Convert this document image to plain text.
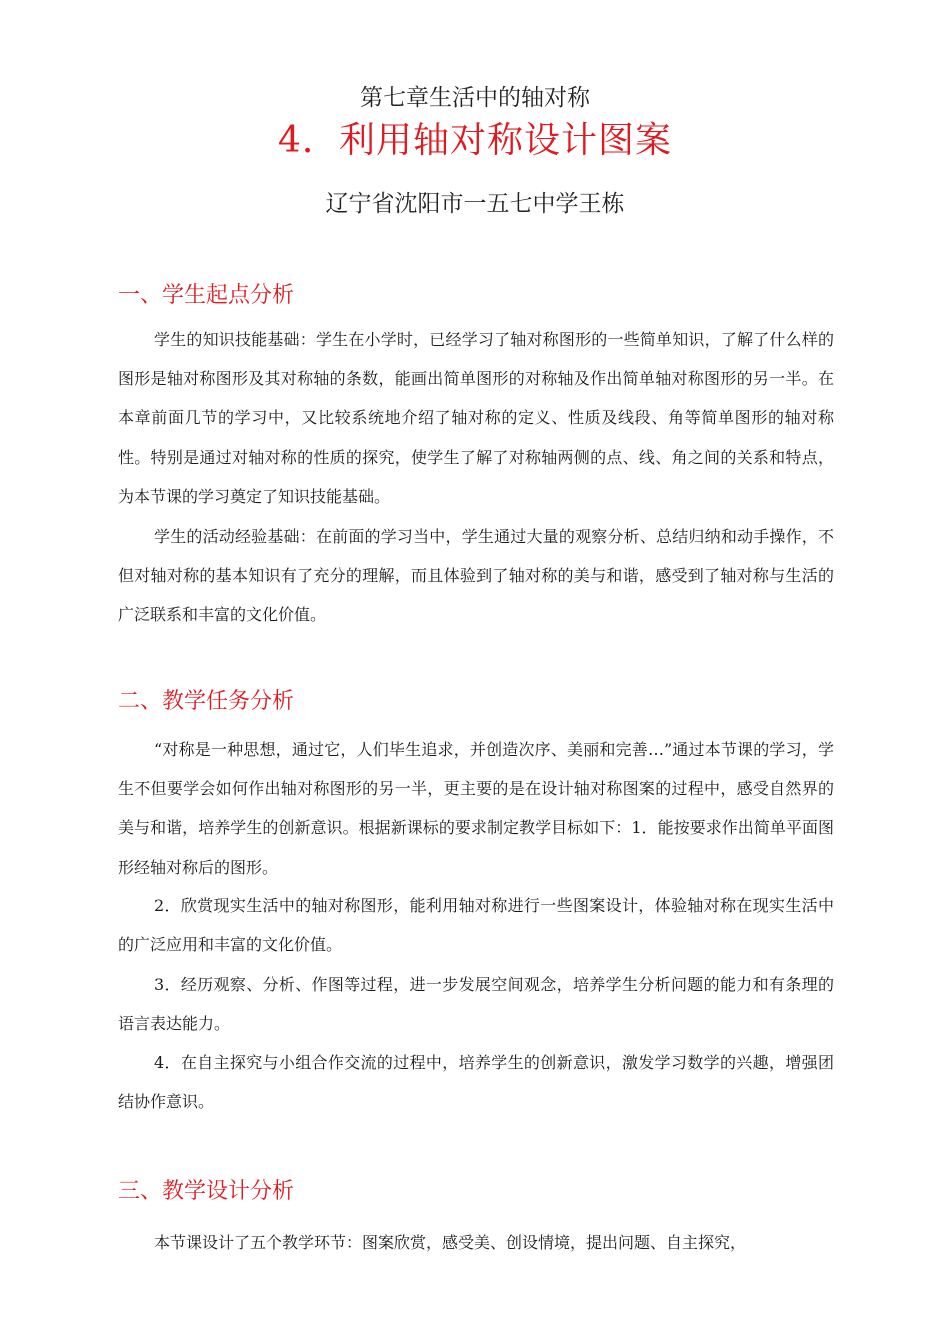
第七章生活中的轴对称
4．利用轴对称设计图案
辽宁省沈阳市一五七中学王栋
一、学生起点分析
学生的知识技能基础：学生在小学时，已经学习了轴对称图形的一些简单知识，了解了什么样的图形是轴对称图形及其对称轴的条数，能画出简单图形的对称轴及作出简单轴对称图形的另一半。在本章前面几节的学习中，又比较系统地介绍了轴对称的定义、性质及线段、角等简单图形的轴对称性。特别是通过对轴对称的性质的探究，使学生了解了对称轴两侧的点、线、角之间的关系和特点，为本节课的学习奠定了知识技能基础。
学生的活动经验基础：在前面的学习当中，学生通过大量的观察分析、总结归纳和动手操作，不但对轴对称的基本知识有了充分的理解，而且体验到了轴对称的美与和谐，感受到了轴对称与生活的广泛联系和丰富的文化价值。
二、教学任务分析
“对称是一种思想，通过它，人们毕生追求，并创造次序、美丽和完善…”通过本节课的学习，学生不但要学会如何作出轴对称图形的另一半，更主要的是在设计轴对称图案的过程中，感受自然界的美与和谐，培养学生的创新意识。根据新课标的要求制定教学目标如下：1．能按要求作出简单平面图形经轴对称后的图形。
2．欣赏现实生活中的轴对称图形，能利用轴对称进行一些图案设计，体验轴对称在现实生活中的广泛应用和丰富的文化价值。
3．经历观察、分析、作图等过程，进一步发展空间观念，培养学生分析问题的能力和有条理的语言表达能力。
4．在自主探究与小组合作交流的过程中，培养学生的创新意识，激发学习数学的兴趣，增强团结协作意识。
三、教学设计分析
本节课设计了五个教学环节：图案欣赏，感受美、创设情境，提出问题、自主探究，
